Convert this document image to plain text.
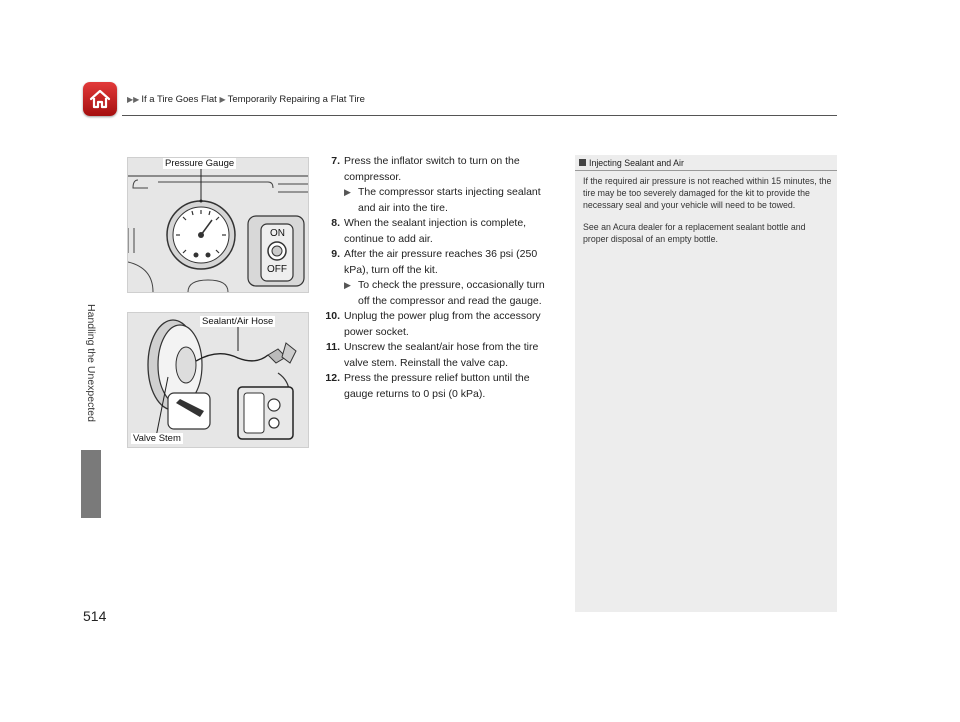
▶▶ If a Tire Goes Flat ▶ Temporarily Repairing a Flat Tire
Handling the Unexpected
Pressure Gauge
ON
OFF
Sealant/Air Hose
Valve Stem
7. Press the inflator switch to turn on the compressor.
▶ The compressor starts injecting sealant and air into the tire.
8. When the sealant injection is complete, continue to add air.
9. After the air pressure reaches 36 psi (250 kPa), turn off the kit.
▶ To check the pressure, occasionally turn off the compressor and read the gauge.
10. Unplug the power plug from the accessory power socket.
11. Unscrew the sealant/air hose from the tire valve stem. Reinstall the valve cap.
12. Press the pressure relief button until the gauge returns to 0 psi (0 kPa).
Injecting Sealant and Air

If the required air pressure is not reached within 15 minutes, the tire may be too severely damaged for the kit to provide the necessary seal and your vehicle will need to be towed.

See an Acura dealer for a replacement sealant bottle and proper disposal of an empty bottle.

514
